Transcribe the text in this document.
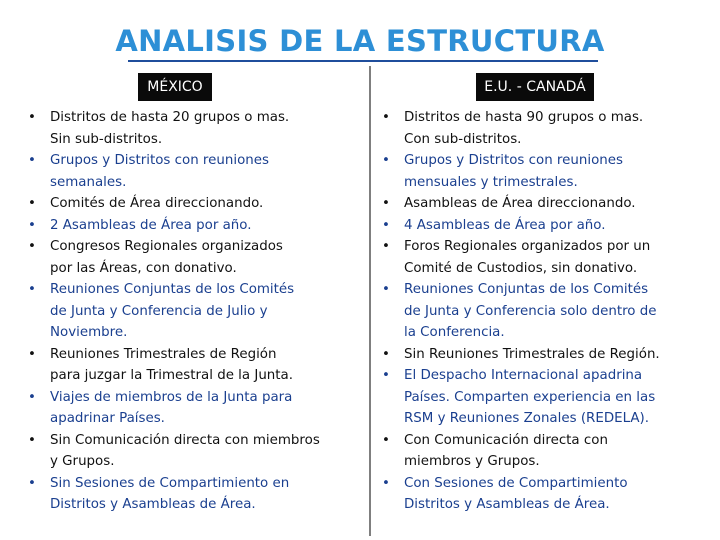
ANALISIS DE LA ESTRUCTURA
MÉXICO	E.U. - CANADÁ
• Distritos de hasta 20 grupos o mas.
Sin sub-distritos.
• Grupos y Distritos con reuniones
semanales.
• Comités de Área direccionando.
• 2 Asambleas de Área por año.
• Congresos Regionales organizados
por las Áreas, con donativo.
• Reuniones Conjuntas de los Comités
de Junta y Conferencia de Julio y
Noviembre.
• Reuniones Trimestrales de Región
para juzgar la Trimestral de la Junta.
• Viajes de miembros de la Junta para
apadrinar Países.
• Sin Comunicación directa con miembros
y Grupos.
• Sin Sesiones de Compartimiento en
Distritos y Asambleas de Área.
• Distritos de hasta 90 grupos o mas.
Con sub-distritos.
• Grupos y Distritos con reuniones
mensuales y trimestrales.
• Asambleas de Área direccionando.
• 4 Asambleas de Área por año.
• Foros Regionales organizados por un
Comité de Custodios, sin donativo.
• Reuniones Conjuntas de los Comités
de Junta y Conferencia solo dentro de
la Conferencia.
• Sin Reuniones Trimestrales de Región.
• El Despacho Internacional apadrina
Países. Comparten experiencia en las
RSM y Reuniones Zonales (REDELA).
• Con Comunicación directa con
miembros y Grupos.
• Con Sesiones de Compartimiento
Distritos y Asambleas de Área.
